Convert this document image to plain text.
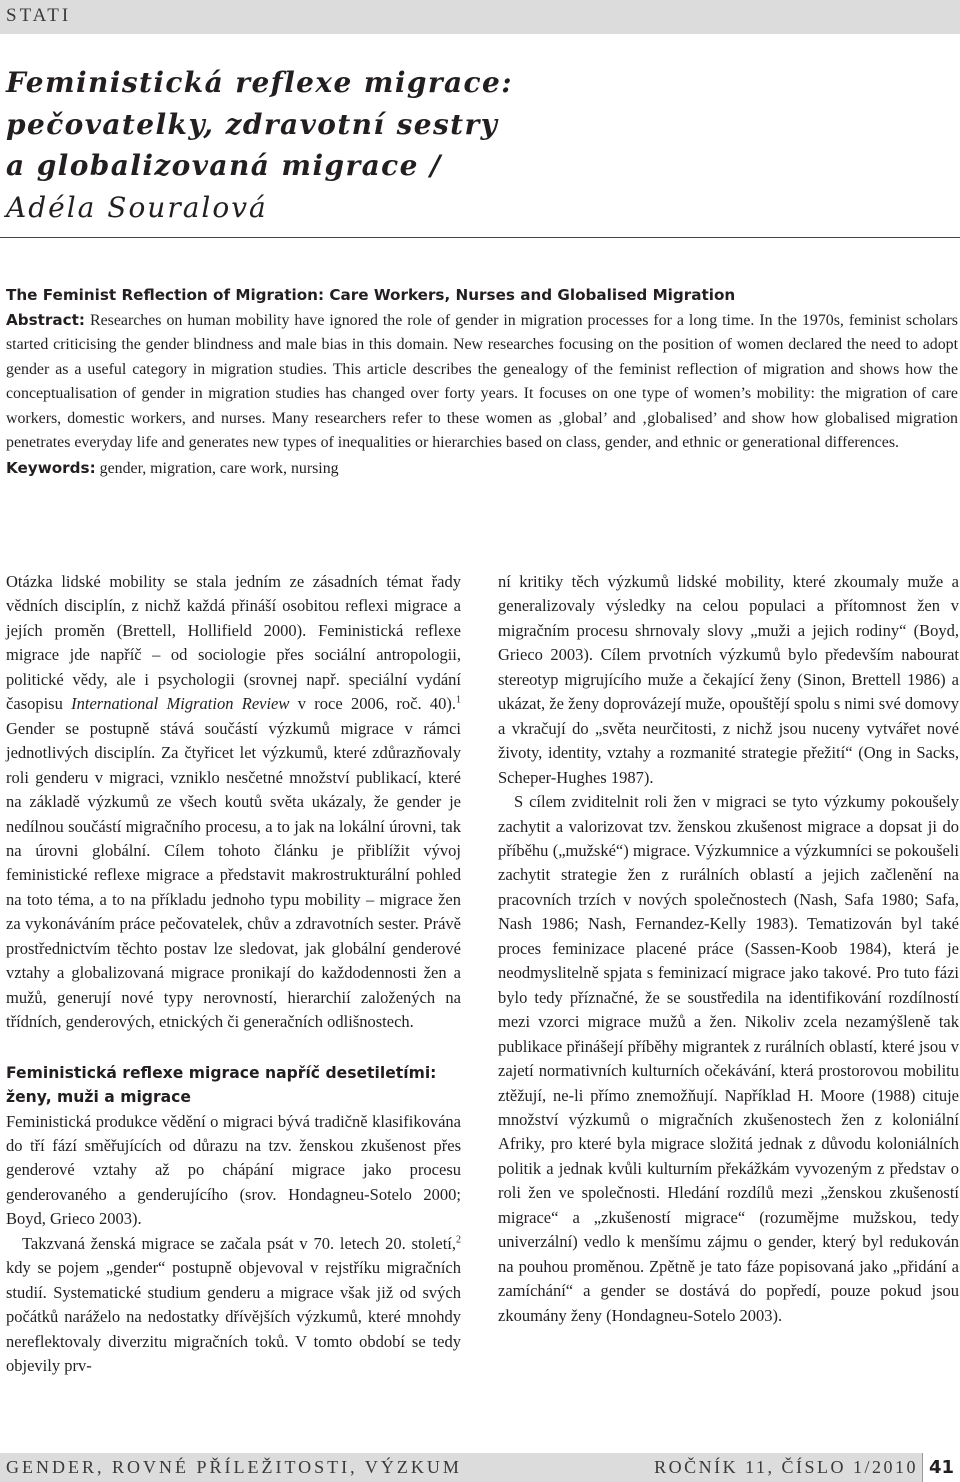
STATI
Feministická reflexe migrace:
pečovatelky, zdravotní sestry
a globalizovaná migrace /
Adéla Souralová
The Feminist Reflection of Migration: Care Workers, Nurses and Globalised Migration

Abstract: Researches on human mobility have ignored the role of gender in migration processes for a long time. In the 1970s, feminist scholars started criticising the gender blindness and male bias in this domain. New researches focusing on the position of women declared the need to adopt gender as a useful category in migration studies. This article describes the genealogy of the feminist reflection of migration and shows how the conceptualisation of gender in migration studies has changed over forty years. It focuses on one type of women’s mobility: the migration of care workers, domestic workers, and nurses. Many researchers refer to these women as ‚global’ and ‚globalised’ and show how globalised migration penetrates everyday life and generates new types of inequalities or hierarchies based on class, gender, and ethnic or generational differences.

Keywords: gender, migration, care work, nursing

Otázka lidské mobility se stala jedním ze zásadních témat řady vědních disciplín, z nichž každá přináší osobitou reflexi migrace a jejích proměn (Brettell, Hollifield 2000). Feministická reflexe migrace jde napříč – od sociologie přes sociální antropologii, politické vědy, ale i psychologii (srovnej např. speciální vydání časopisu International Migration Review v roce 2006, roč. 40).$^1$ Gender se postupně stává součástí výzkumů migrace v rámci jednotlivých disciplín. Za čtyřicet let výzkumů, které zdůrazňovaly roli genderu v migraci, vzniklo nesčetné množství publikací, které na základě výzkumů ze všech koutů světa ukázaly, že gender je nedílnou součástí migračního procesu, a to jak na lokální úrovni, tak na úrovni globální. Cílem tohoto článku je přiblížit vývoj feministické reflexe migrace a představit makrostrukturální pohled na toto téma, a to na příkladu jednoho typu mobility – migrace žen za vykonáváním práce pečovatelek, chův a zdravotních sester. Právě prostřednictvím těchto postav lze sledovat, jak globální genderové vztahy a globalizovaná migrace pronikají do každodennosti žen a mužů, generují nové typy nerovností, hierarchií založených na třídních, genderových, etnických či generačních odlišnostech.

Feministická reflexe migrace napříč desetiletími:
ženy, muži a migrace

Feministická produkce vědění o migraci bývá tradičně klasifikována do tří fází směřujících od důrazu na tzv. ženskou zkušenost přes genderové vztahy až po chápání migrace jako procesu genderovaného a genderujícího (srov. Hondagneu-Sotelo 2000; Boyd, Grieco 2003).

Takzvaná ženská migrace se začala psát v 70. letech 20. století,$^2$ kdy se pojem „gender“ postupně objevoval v rejstříku migračních studií. Systematické studium genderu a migrace však již od svých počátků naráželo na nedostatky dřívějších výzkumů, které mnohdy nereflektovaly diverzitu migračních toků. V tomto období se tedy objevily prv-

ní kritiky těch výzkumů lidské mobility, které zkoumaly muže a generalizovaly výsledky na celou populaci a přítomnost žen v migračním procesu shrnovaly slovy „muži a jejich rodiny“ (Boyd, Grieco 2003). Cílem prvotních výzkumů bylo především nabourat stereotyp migrujícího muže a čekající ženy (Sinon, Brettell 1986) a ukázat, že ženy doprovázejí muže, opouštějí spolu s nimi své domovy a vkračují do „světa neurčitosti, z nichž jsou nuceny vytvářet nové životy, identity, vztahy a rozmanité strategie přežití“ (Ong in Sacks, Scheper-Hughes 1987).

S cílem zviditelnit roli žen v migraci se tyto výzkumy pokoušely zachytit a valorizovat tzv. ženskou zkušenost migrace a dopsat ji do příběhu („mužské“) migrace. Výzkumnice a výzkumníci se pokoušeli zachytit strategie žen z rurálních oblastí a jejich začlenění na pracovních trzích v nových společnostech (Nash, Safa 1980; Safa, Nash 1986; Nash, Fernandez-Kelly 1983). Tematizován byl také proces feminizace placené práce (Sassen-Koob 1984), která je neodmyslitelně spjata s feminizací migrace jako takové. Pro tuto fázi bylo tedy příznačné, že se soustředila na identifikování rozdílností mezi vzorci migrace mužů a žen. Nikoliv zcela nezamýšleně tak publikace přinášejí příběhy migrantek z rurálních oblastí, které jsou v zajetí normativních kulturních očekávání, která prostorovou mobilitu ztěžují, ne-li přímo znemožňují. Například H. Moore (1988) cituje množství výzkumů o migračních zkušenostech žen z koloniální Afriky, pro které byla migrace složitá jednak z důvodu koloniálních politik a jednak kvůli kulturním překážkám vyvozeným z představ o roli žen ve společnosti. Hledání rozdílů mezi „ženskou zkušeností migrace“ a „zkušeností migrace“ (rozumějme mužskou, tedy univerzální) vedlo k menšímu zájmu o gender, který byl redukován na pouhou proměnou. Zpětně je tato fáze popisovaná jako „přidání a zamíchání“ a gender se dostává do popředí, pouze pokud jsou zkoumány ženy (Hondagneu-Sotelo 2003).

GENDER, ROVNÉ PŘÍLEŽITOSTI, VÝZKUM	ROČNÍK 11, ČÍSLO 1/2010 41
